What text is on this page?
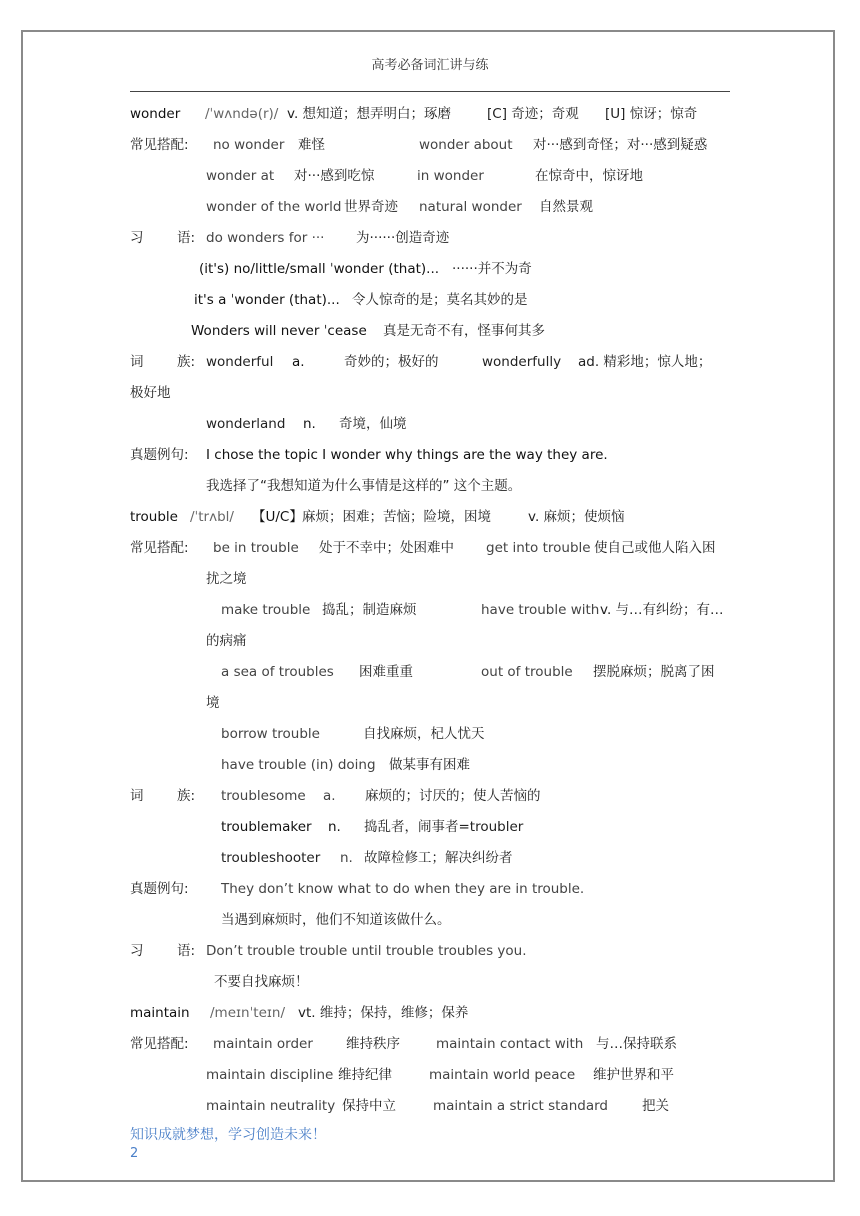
高考必备词汇讲与练
wonder /ˈwʌndə(r)/ v. 想知道；想弄明白；琢磨	[C] 奇迹；奇观 [U] 惊讶；惊奇
常见搭配: no wonder 难怪	wonder about 对···感到奇怪；对···感到疑惑
wonder at 对···感到吃惊	in wonder	在惊奇中，惊讶地
wonder of the world 世界奇迹 natural wonder 自然景观
习 语: do wonders for ··· 为······创造奇迹
(it's) no/little/small ˈwonder (that)... ······并不为奇
it's a ˈwonder (that)... 令人惊奇的是；莫名其妙的是
Wonders will never ˈcease 真是无奇不有，怪事何其多
词 族: wonderful a.	奇妙的；极好的	wonderfully ad. 精彩地；惊人地；
极好地
wonderland n. 奇境，仙境
真题例句: I chose the topic I wonder why things are the way they are.
我选择了“我想知道为什么事情是这样的” 这个主题。
trouble /ˈtrʌbl/ 【U/C】麻烦；困难；苦恼；险境，困境	v. 麻烦；使烦恼
常见搭配: be in trouble 处于不幸中；处困难中 get into trouble 使自己或他人陷入困
扰之境
make trouble 捣乱；制造麻烦	have trouble withv. 与…有纠纷；有…
的病痛
a sea of troubles 困难重重	out of trouble 摆脱麻烦；脱离了困
境
borrow trouble	自找麻烦，杞人忧天
have trouble (in) doing 做某事有困难
词 族: troublesome a. 麻烦的；讨厌的；使人苦恼的
troublemaker n. 捣乱者，闹事者=troubler
troubleshooter n. 故障检修工；解决纠纷者
真题例句: They don’t know what to do when they are in trouble.
当遇到麻烦时，他们不知道该做什么。
习 语: Don’t trouble trouble until trouble troubles you.
不要自找麻烦！
maintain /meɪnˈteɪn/ vt. 维持；保持，维修；保养
常见搭配: maintain order 维持秩序	maintain contact with 与…保持联系
maintain discipline 维持纪律	maintain world peace 维护世界和平
maintain neutrality 保持中立	maintain a strict standard	把关
知识成就梦想，学习创造未来！
2
